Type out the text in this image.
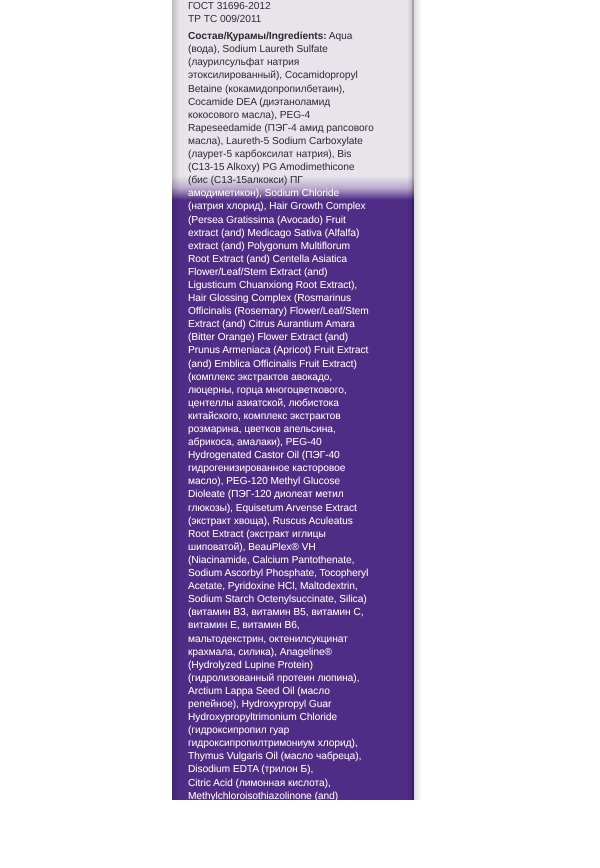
ГОСТ 31696-2012
ТР ТС 009/2011
Состав/Қурамы/Ingredients: Aqua
(вода), Sodium Laureth Sulfate
(лаурилсульфат натрия
этоксилированный), Cocamidopropyl
Betaine (кокамидопропилбетаин),
Cocamide DEA (диэтаноламид
кокосового масла), PEG-4
Rapeseedamide (ПЭГ-4 амид рапсового
масла), Laureth-5 Sodium Carboxylate
(лаурет-5 карбоксилат натрия), Bis
(C13-15 Alkoxy) PG Amodimethicone
(бис (C13-15алкокси) ПГ
амодиметикон), Sodium Chloride
(натрия хлорид), Hair Growth Complex
(Persea Gratissima (Avocado) Fruit
extract (and) Medicago Sativa (Alfalfa)
extract (and) Polygonum Multiflorum
Root Extract (and) Centella Asiatica
Flower/Leaf/Stem Extract (and)
Ligusticum Chuanxiong Root Extract),
Hair Glossing Complex (Rosmarinus
Officinalis (Rosemary) Flower/Leaf/Stem
Extract (and) Citrus Aurantium Amara
(Bitter Orange) Flower Extract (and)
Prunus Armeniaca (Apricot) Fruit Extract
(and) Emblica Officinalis Fruit Extract)
(комплекс экстрактов авокадо,
люцерны, горца многоцветкового,
центеллы азиатской, любистока
китайского, комплекс экстрактов
розмарина, цветков апельсина,
абрикоса, амалаки), PEG-40
Hydrogenated Castor Oil (ПЭГ-40
гидрогенизированное касторовое
масло), PEG-120 Methyl Glucose
Dioleate (ПЭГ-120 диолеат метил
глюкозы), Equisetum Arvense Extract
(экстракт хвоща), Ruscus Aculeatus
Root Extract (экстракт иглицы
шиповатой), BeauPlex® VH
(Niacinamide, Calcium Pantothenate,
Sodium Ascorbyl Phosphate, Tocopheryl
Acetate, Pyridoxine HCl, Maltodextrin,
Sodium Starch Octenylsuccinate, Silica)
(витамин B3, витамин B5, витамин C,
витамин E, витамин B6,
мальтодекстрин, октенилсукцинат
крахмала, силика), Anageline®
(Hydrolyzed Lupine Protein)
(гидролизованный протеин люпина),
Arctium Lappa Seed Oil (масло
репейное), Hydroxypropyl Guar
Hydroxypropyltrimonium Chloride
(гидроксипропил гуар
гидроксипропилтримониум хлорид),
Thymus Vulgaris Oil (масло чабреца),
Disodium EDTA (трилон Б),
Citric Acid (лимонная кислота),
Methylchloroisothiazolinone (and)
Methylisothiazolinone
(метилхлороизотиазолинон,
метилизотиазолинон), Parfum
(парфюмерная композиция), Limonene
(лимонен), Linalool (линалоол).
